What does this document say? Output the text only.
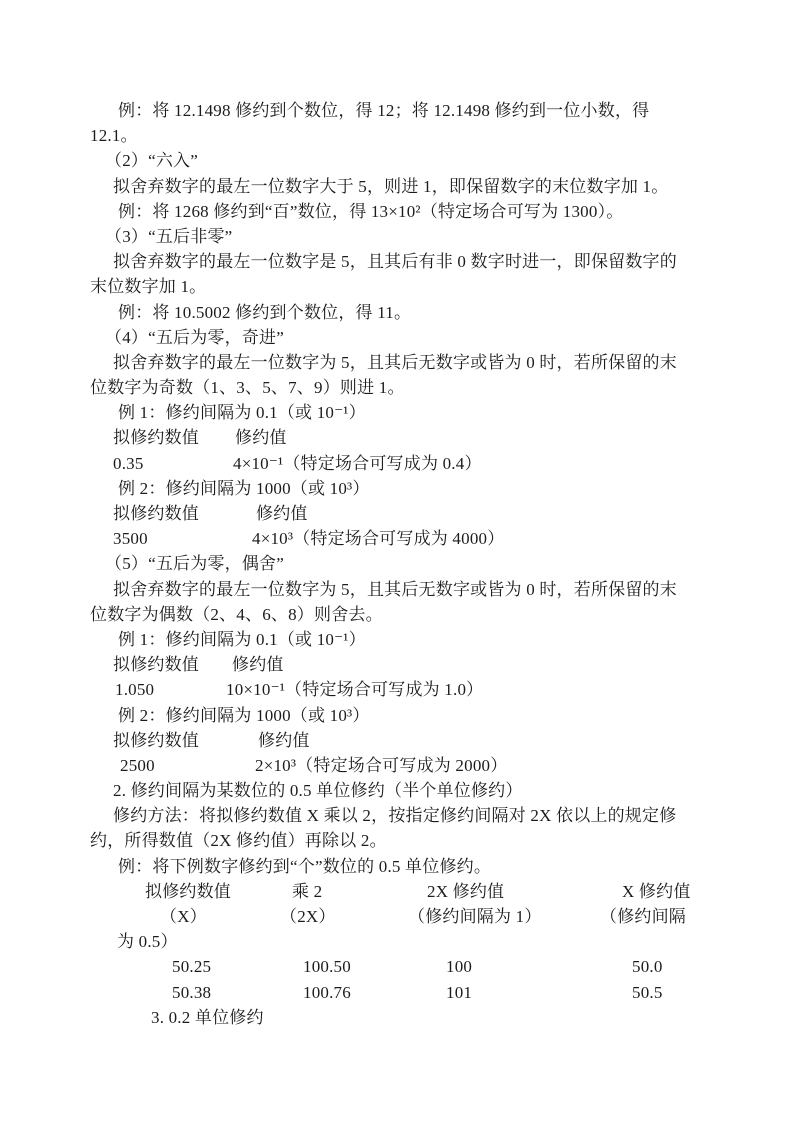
例：将 12.1498 修约到个数位，得 12；将 12.1498 修约到一位小数，得
12.1。
（2）“六入”
拟舍弃数字的最左一位数字大于 5，则进 1，即保留数字的末位数字加 1。
例：将 1268 修约到“百”数位，得 13×10²（特定场合可写为 1300）。
（3）“五后非零”
拟舍弃数字的最左一位数字是 5，且其后有非 0 数字时进一，即保留数字的
末位数字加 1。
例：将 10.5002 修约到个数位，得 11。
（4）“五后为零，奇进”
拟舍弃数字的最左一位数字为 5，且其后无数字或皆为 0 时，若所保留的末
位数字为奇数（1、3、5、7、9）则进 1。
例 1：修约间隔为 0.1（或 10⁻¹）
拟修约数值 修约值
0.35	4×10⁻¹（特定场合可写成为 0.4）
例 2：修约间隔为 1000（或 10³）
拟修约数值	修约值
3500	4×10³（特定场合可写成为 4000）
（5）“五后为零，偶舍”
拟舍弃数字的最左一位数字为 5，且其后无数字或皆为 0 时，若所保留的末
位数字为偶数（2、4、6、8）则舍去。
例 1：修约间隔为 0.1（或 10⁻¹）
拟修约数值 修约值
1.050	10×10⁻¹（特定场合可写成为 1.0）
例 2：修约间隔为 1000（或 10³）
拟修约数值	修约值
2500	2×10³（特定场合可写成为 2000）
2. 修约间隔为某数位的 0.5 单位修约（半个单位修约）
修约方法：将拟修约数值 X 乘以 2，按指定修约间隔对 2X 依以上的规定修
约，所得数值（2X 修约值）再除以 2。
例：将下例数字修约到“个”数位的 0.5 单位修约。
拟修约数值	乘 2	2X 修约值	X 修约值
（X）	（2X）	（修约间隔为 1）	（修约间隔
为 0.5）
50.25	100.50	100	50.0
50.38	100.76	101	50.5
3. 0.2 单位修约
